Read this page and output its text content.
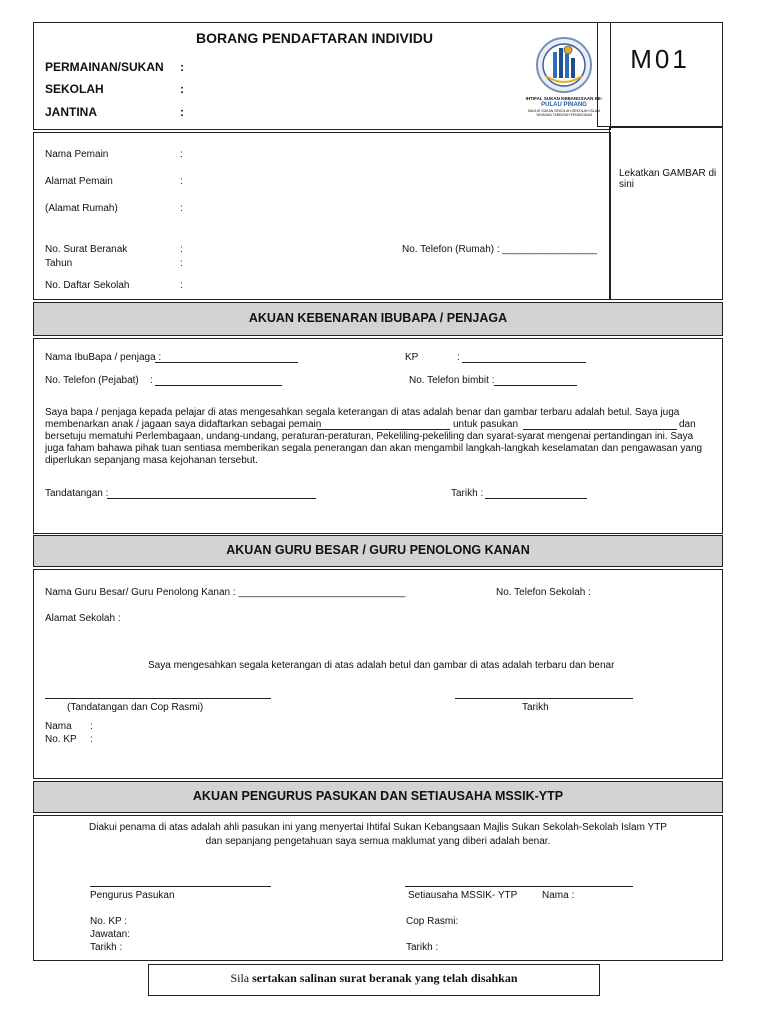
BORANG PENDAFTARAN INDIVIDU
M01
PERMAINAN/SUKAN :
SEKOLAH	:
JANTINA	:
IHTIFAL SUKAN KEBANGSAAN KE-
PULAU PINANG
MAJLIS SUKAN SEKOLAH-SEKOLAH ISLAM
YAYASAN TARBIYAH PENDIDIKAN
Lekatkan GAMBAR di sini
Nama Pemain	:
Alamat Pemain	:
(Alamat Rumah)	:
No. Surat Beranak	:
Tahun	:
No. Daftar Sekolah	:
No. Telefon (Rumah) : _________________
AKUAN KEBENARAN IBUBAPA / PENJAGA
Nama IbuBapa / penjaga :	KP	:
No. Telefon (Pejabat) :	No. Telefon bimbit :
Saya bapa / penjaga kepada pelajar di atas mengesahkan segala keterangan di atas adalah benar dan gambar terbaru adalah betul. Saya juga
membenarkan anak / jagaan saya didaftarkan sebagai pemain	untuk pasukan	dan
bersetuju mematuhi Perlembagaan, undang-undang, peraturan-peraturan, Pekeliling-pekeliling dan syarat-syarat mengenai pertandingan ini. Saya
juga faham bahawa pihak tuan sentiasa memberikan segala penerangan dan akan mengambil langkah-langkah keselamatan dan pengawasan yang
diperlukan sepanjang masa kejohanan tersebut.
Tandatangan :	Tarikh :
AKUAN GURU BESAR / GURU PENOLONG KANAN
Nama Guru Besar/ Guru Penolong Kanan : ______________________________	No. Telefon Sekolah :
Alamat Sekolah :
Saya mengesahkan segala keterangan di atas adalah betul dan gambar di atas adalah terbaru dan benar
(Tandatangan dan Cop Rasmi)	Tarikh
Nama :
No. KP :
AKUAN PENGURUS PASUKAN DAN SETIAUSAHA MSSIK-YTP
Diakui penama di atas adalah ahli pasukan ini yang menyertai Ihtifal Sukan Kebangsaan Majlis Sukan Sekolah-Sekolah Islam YTP
dan sepanjang pengetahuan saya semua maklumat yang diberi adalah benar.
Pengurus Pasukan	Setiausaha MSSIK- YTP Nama :
No. KP :
Jawatan:
Tarikh :
Cop Rasmi:
Tarikh :
Sila sertakan salinan surat beranak yang telah disahkan
